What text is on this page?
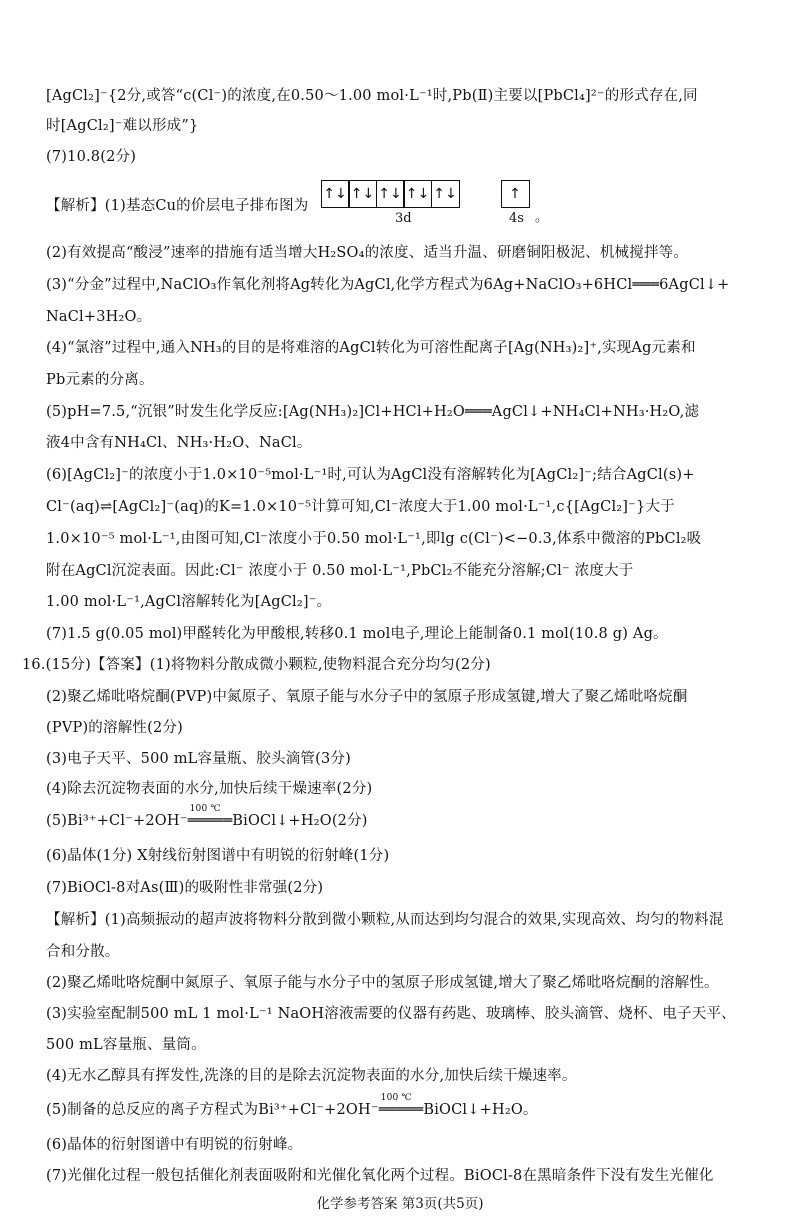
[AgCl₂]⁻{2分,或答“c(Cl⁻)的浓度,在0.50～1.00 mol·L⁻¹时,Pb(Ⅱ)主要以[PbCl₄]²⁻的形式存在,同
时[AgCl₂]⁻难以形成”}
(7)10.8(2分)
(2)有效提高“酸浸”速率的措施有适当增大H₂SO₄的浓度、适当升温、研磨铜阳极泥、机械搅拌等。
(3)“分金”过程中,NaClO₃作氧化剂将Ag转化为AgCl,化学方程式为6Ag+NaClO₃+6HCl═══6AgCl↓+
NaCl+3H₂O。
(4)“氯溶”过程中,通入NH₃的目的是将难溶的AgCl转化为可溶性配离子[Ag(NH₃)₂]⁺,实现Ag元素和
Pb元素的分离。
(5)pH=7.5,“沉银”时发生化学反应:[Ag(NH₃)₂]Cl+HCl+H₂O═══AgCl↓+NH₄Cl+NH₃·H₂O,滤
液4中含有NH₄Cl、NH₃·H₂O、NaCl。
(6)[AgCl₂]⁻的浓度小于1.0×10⁻⁵mol·L⁻¹时,可认为AgCl没有溶解转化为[AgCl₂]⁻;结合AgCl(s)+
Cl⁻(aq)⇌[AgCl₂]⁻(aq)的K=1.0×10⁻⁵计算可知,Cl⁻浓度大于1.00 mol·L⁻¹,c{[AgCl₂]⁻}大于
1.0×10⁻⁵ mol·L⁻¹,由图可知,Cl⁻浓度小于0.50 mol·L⁻¹,即lg c(Cl⁻)<−0.3,体系中微溶的PbCl₂吸
附在AgCl沉淀表面。因此:Cl⁻ 浓度小于 0.50 mol·L⁻¹,PbCl₂不能充分溶解;Cl⁻ 浓度大于
1.00 mol·L⁻¹,AgCl溶解转化为[AgCl₂]⁻。
(7)1.5 g(0.05 mol)甲醛转化为甲酸根,转移0.1 mol电子,理论上能制备0.1 mol(10.8 g) Ag。
16.(15分)【答案】(1)将物料分散成微小颗粒,使物料混合充分均匀(2分)
(2)聚乙烯吡咯烷酮(PVP)中氮原子、氧原子能与水分子中的氢原子形成氢键,增大了聚乙烯吡咯烷酮
(PVP)的溶解性(2分)
(3)电子天平、500 mL容量瓶、胶头滴管(3分)
(4)除去沉淀物表面的水分,加快后续干燥速率(2分)
(6)晶体(1分) X射线衍射图谱中有明锐的衍射峰(1分)
(7)BiOCl-8对As(Ⅲ)的吸附性非常强(2分)
【解析】(1)高频振动的超声波将物料分散到微小颗粒,从而达到均匀混合的效果,实现高效、均匀的物料混
合和分散。
(2)聚乙烯吡咯烷酮中氮原子、氧原子能与水分子中的氢原子形成氢键,增大了聚乙烯吡咯烷酮的溶解性。
(3)实验室配制500 mL 1 mol·L⁻¹ NaOH溶液需要的仪器有药匙、玻璃棒、胶头滴管、烧杯、电子天平、
500 mL容量瓶、量筒。
(4)无水乙醇具有挥发性,洗涤的目的是除去沉淀物表面的水分,加快后续干燥速率。
(6)晶体的衍射图谱中有明锐的衍射峰。
(7)光催化过程一般包括催化剂表面吸附和光催化氧化两个过程。BiOCl-8在黑暗条件下没有发生光催化
【解析】(1)基态Cu的价层电子排布图为
↑↓ ↑↓ ↑↓ ↑↓ ↑↓	↑
3d	4s 。
(5)Bi³⁺+Cl⁻+2OH⁻
100 ℃
═════BiOCl↓+H₂O(2分)
(5)制备的总反应的离子方程式为Bi³⁺+Cl⁻+2OH⁻
100 ℃
═════BiOCl↓+H₂O。
化学参考答案 第3页(共5页)
